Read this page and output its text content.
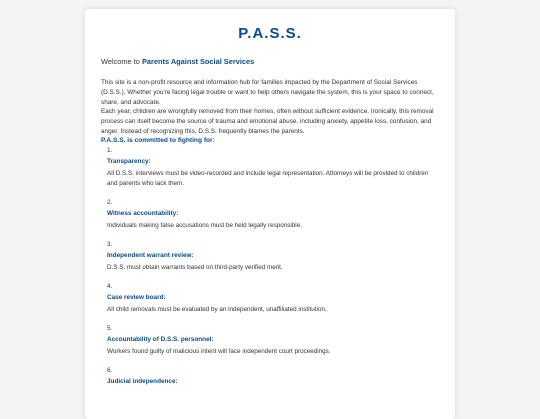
P.A.S.S.

Welcome to Parents Against Social Services

This site is a non-profit resource and information hub for families impacted by the Department of Social Services (D.S.S.). Whether you're facing legal trouble or want to help others navigate the system, this is your space to connect, share, and advocate.

Each year, children are wrongfully removed from their homes, often without sufficient evidence. Ironically, this removal process can itself become the source of trauma and emotional abuse, including anxiety, appetite loss, confusion, and anger. Instead of recognizing this, D.S.S. frequently blames the parents.

P.A.S.S. is committed to fighting for:
1.
Transparency:
All D.S.S. interviews must be video-recorded and include legal representation. Attorneys will be provided to children and parents who lack them.
2.
Witness accountability:
Individuals making false accusations must be held legally responsible.
3.
Independent warrant review:
D.S.S. must obtain warrants based on third-party verified merit.
4.
Case review board:
All child removals must be evaluated by an independent, unaffiliated institution.
5.
Accountability of D.S.S. personnel:
Workers found guilty of malicious intent will face independent court proceedings.
6.
Judicial independence:
